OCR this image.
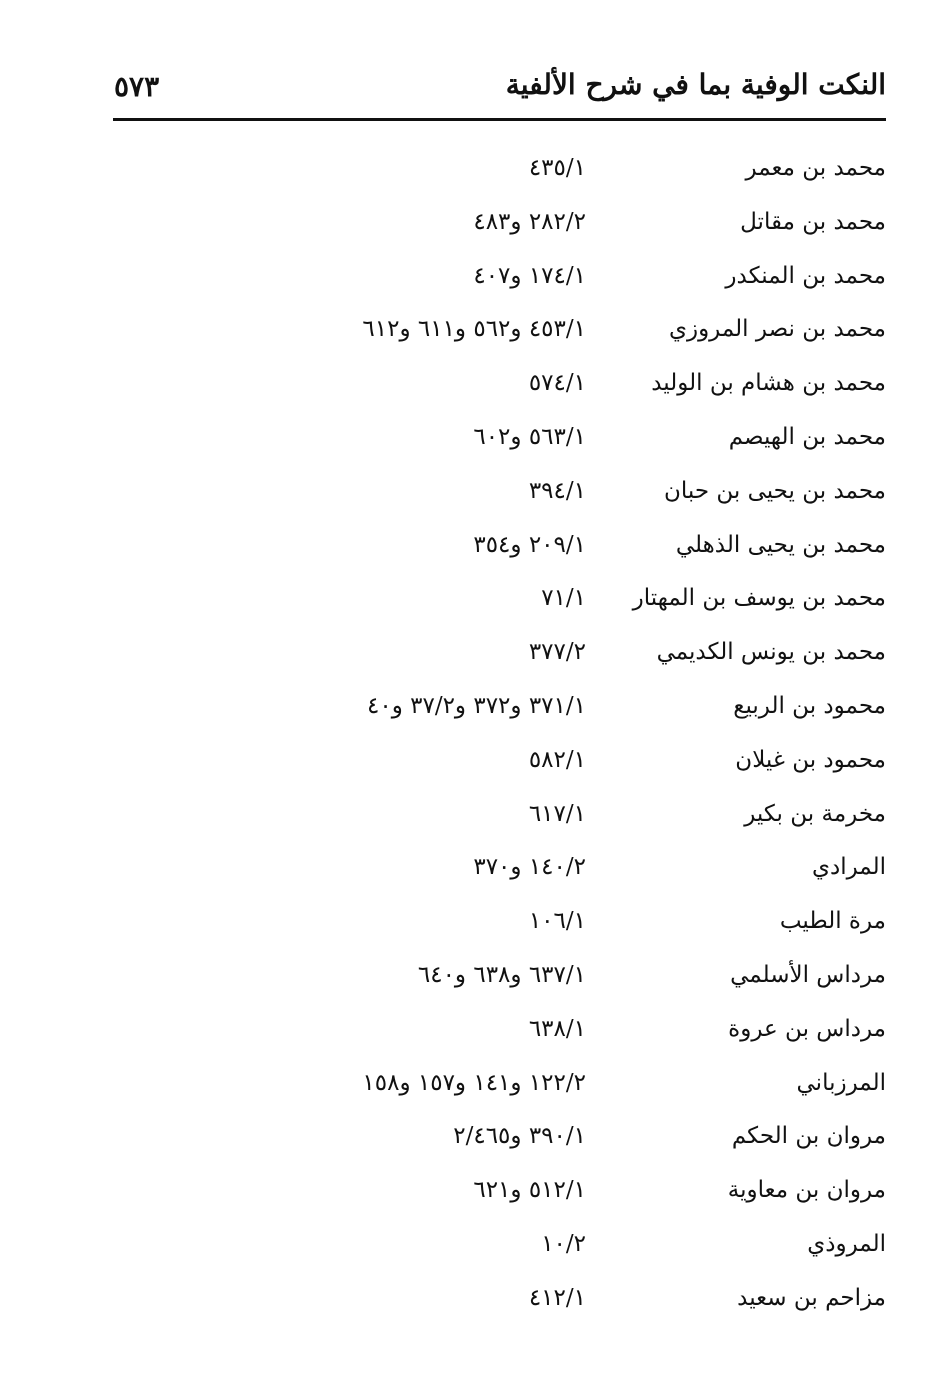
٥٧٣	النكت الوفية بما في شرح الألفية
محمد بن معمر
٤٣٥/١
محمد بن مقاتل
٢٨٢/٢ و٤٨٣
محمد بن المنكدر
١٧٤/١ و٤٠٧
محمد بن نصر المروزي
٤٥٣/١ و٥٦٢ و٦١١ و٦١٢
محمد بن هشام بن الوليد
٥٧٤/١
محمد بن الهيصم
٥٦٣/١ و٦٠٢
محمد بن يحيى بن حبان
٣٩٤/١
محمد بن يحيى الذهلي
٢٠٩/١ و٣٥٤
محمد بن يوسف بن المهتار
٧١/١
محمد بن يونس الكديمي
٣٧٧/٢
محمود بن الربيع
٣٧١/١ و٣٧٢ و٣٧/٢ و٤٠
محمود بن غيلان
٥٨٢/١
مخرمة بن بكير
٦١٧/١
المرادي
١٤٠/٢ و٣٧٠
مرة الطيب
١٠٦/١
مرداس الأسلمي
٦٣٧/١ و٦٣٨ و٦٤٠
مرداس بن عروة
٦٣٨/١
المرزباني
١٢٢/٢ و١٤١ و١٥٧ و١٥٨
مروان بن الحكم
٣٩٠/١ و٢/٤٦٥
مروان بن معاوية
٥١٢/١ و٦٢١
المروذي
١٠/٢
مزاحم بن سعيد
٤١٢/١
